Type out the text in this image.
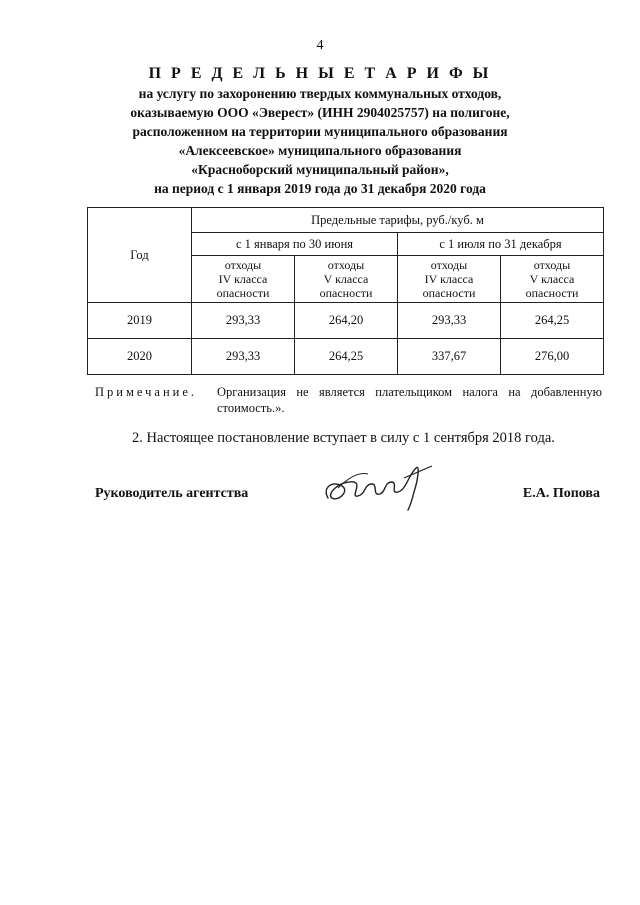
4
П Р Е Д Е Л Ь Н Ы Е Т А Р И Ф Ы
на услугу по захоронению твердых коммунальных отходов,
оказываемую ООО «Эверест» (ИНН 2904025757) на полигоне,
расположенном на территории муниципального образования
«Алексеевское» муниципального образования
«Красноборский муниципальный район»,
на период с 1 января 2019 года до 31 декабря 2020 года
Год	Предельные тарифы, руб./куб. м			
	с 1 января по 30 июня		с 1 июля по 31 декабря	
	отходы
IV класса
опасности	отходы
V класса
опасности	отходы
IV класса
опасности	отходы
V класса
опасности
2019	293,33	264,20	293,33	264,25
2020	293,33	264,25	337,67	276,00
Примечание. Организация не является плательщиком налога на добавленную стоимость.».
2. Настоящее постановление вступает в силу с 1 сентября 2018 года.
Руководитель агентства	Е.А. Попова
